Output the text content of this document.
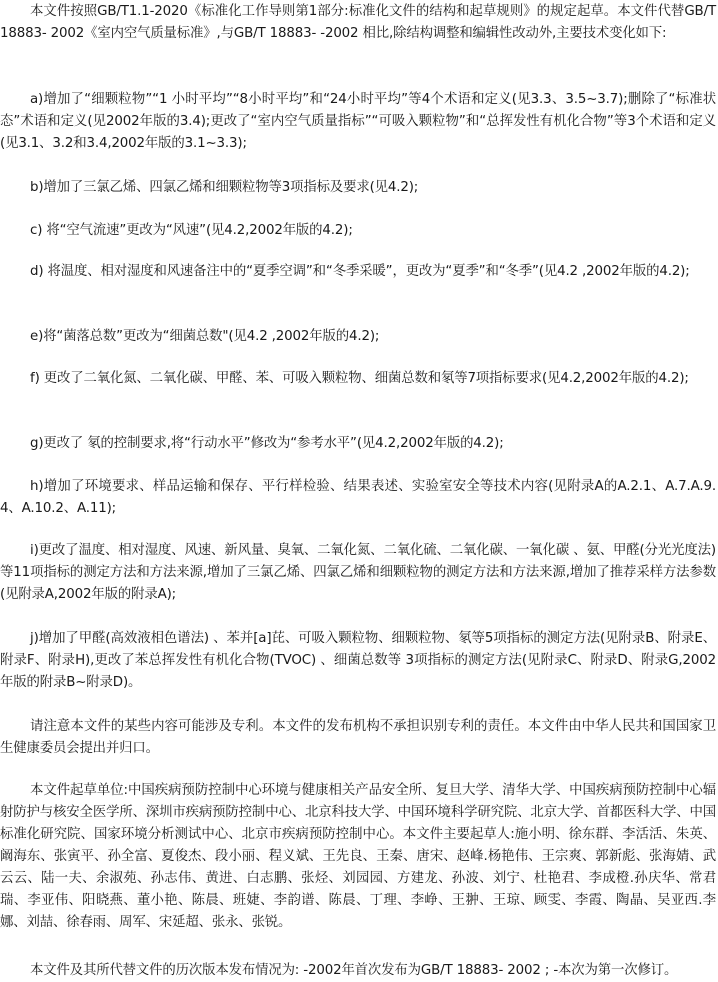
本文件按照GB/T1.1-2020《标准化工作导则第1部分:标准化文件的结构和起草规则》的规定起草。本文件代替GB/T 18883- 2002《室内空气质量标准》,与GB/T 18883- -2002 相比,除结构调整和编辑性改动外,主要技术变化如下:

a)增加了“细颗粒物”“1 小时平均”“8小时平均”和“24小时平均”等4个术语和定义(见3.3、3.5~3.7);删除了“标准状态”术语和定义(见2002年版的3.4);更改了“室内空气质量指标”“可吸入颗粒物”和“总挥发性有机化合物”等3个术语和定义(见3.1、3.2和3.4,2002年版的3.1~3.3);

b)增加了三氯乙烯、四氯乙烯和细颗粒物等3项指标及要求(见4.2);

c) 将“空气流速”更改为“风速”(见4.2,2002年版的4.2);

d) 将温度、相对湿度和风速备注中的“夏季空调”和“冬季采暖”，更改为“夏季”和“冬季”(见4.2 ,2002年版的4.2);

e)将“菌落总数”更改为“细菌总数"(见4.2 ,2002年版的4.2);

f) 更改了二氧化氮、二氧化碳、甲醛、苯、可吸入颗粒物、细菌总数和氡等7项指标要求(见4.2,2002年版的4.2);

g)更改了 氡的控制要求,将“行动水平”修改为“参考水平”(见4.2,2002年版的4.2);

h)增加了环境要求、样品运输和保存、平行样检验、结果表述、实验室安全等技术内容(见附录A的A.2.1、A.7.A.9.4、A.10.2、A.11);

i)更改了温度、相对湿度、风速、新风量、臭氧、二氧化氮、二氧化硫、二氧化碳、一氧化碳 、氨、甲醛(分光光度法)等11项指标的测定方法和方法来源,增加了三氯乙烯、四氯乙烯和细颗粒物的测定方法和方法来源,增加了推荐采样方法参数(见附录A,2002年版的附录A);

j)增加了甲醛(高效液相色谱法) 、苯并[a]芘、可吸入颗粒物、细颗粒物、氡等5项指标的测定方法(见附录B、附录E、附录F、附录H),更改了苯总挥发性有机化合物(TVOC) 、细菌总数等 3项指标的测定方法(见附录C、附录D、附录G,2002年版的附录B~附录D)。

请注意本文件的某些内容可能涉及专利。本文件的发布机构不承担识别专利的责任。本文件由中华人民共和国国家卫生健康委员会提出并归口。

本文件起草单位:中国疾病预防控制中心环境与健康相关产品安全所、复旦大学、清华大学、中国疾病预防控制中心辐射防护与核安全医学所、深圳市疾病预防控制中心、北京科技大学、中国环境科学研究院、北京大学、首都医科大学、中国标准化研究院、国家环境分析测试中心、北京市疾病预防控制中心。本文件主要起草人:施小明、徐东群、李活活、朱英、阚海东、张寅平、孙全富、夏俊杰、段小丽、程义斌、王先良、王秦、唐宋、赵峰.杨艳伟、王宗爽、郭新彪、张海婧、武云云、陆一夫、余淑苑、孙志伟、黄进、白志鹏、张烃、刘园园、方建龙、孙波、刘宁、杜艳君、李成橙.孙庆华、常君瑞、李亚伟、阳晓燕、董小艳、陈晨、班婕、李韵谱、陈晨、丁理、李峥、王翀、王琼、顾雯、李霞、陶晶、吴亚西.李娜、刘喆、徐春雨、周军、宋延超、张永、张锐。

本文件及其所代替文件的历次版本发布情况为: -2002年首次发布为GB/T 18883- 2002 ; -本次为第一次修订。
